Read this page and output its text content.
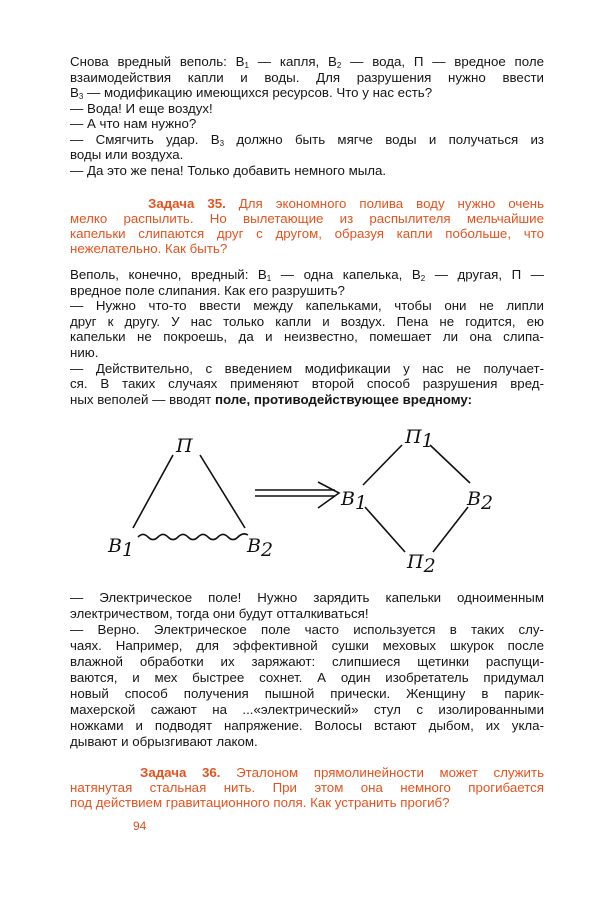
Снова вредный веполь: $В_1$ — капля, $В_2$ — вода, П — вредное поле
взаимодействия капли и воды. Для разрушения нужно ввести
$В_3$ — модификацию имеющихся ресурсов. Что у нас есть?
— Вода! И еще воздух!
— А что нам нужно?
— Смягчить удар. $В_3$ должно быть мягче воды и получаться из
воды или воздуха.
— Да это же пена! Только добавить немного мыла.
Задача 35. Для экономного полива воду нужно очень
мелко распылить. Но вылетающие из распылителя мельчайшие
капельки слипаются друг с другом, образуя капли побольше, что
нежелательно. Как быть?
Веполь, конечно, вредный: $В_1$ — одна капелька, $В_2$ — другая, П —
вредное поле слипания. Как его разрушить?
— Нужно что-то ввести между капельками, чтобы они не липли
друг к другу. У нас только капли и воздух. Пена не годится, ею
капельки не покроешь, да и неизвестно, помешает ли она слипа-
нию.
— Действительно, с введением модификации у нас не получает-
ся. В таких случаях применяют второй способ разрушения вред-
ных веполей — вводят поле, противодействующее вредному:
— Электрическое поле! Нужно зарядить капельки одноименным
электричеством, тогда они будут отталкиваться!
— Верно. Электрическое поле часто используется в таких слу-
чаях. Например, для эффективной сушки меховых шкурок после
влажной обработки их заряжают: слипшиеся щетинки распущи-
ваются, и мех быстрее сохнет. А один изобретатель придумал
новый способ получения пышной прически. Женщину в парик-
махерской сажают на ...«электрический» стул с изолированными
ножками и подводят напряжение. Волосы встают дыбом, их укла-
дывают и обрызгивают лаком.
Задача 36. Эталоном прямолинейности может служить
натянутая стальная нить. При этом она немного прогибается
под действием гравитационного поля. Как устранить прогиб?
П
В1	В2
П1
П2
В1	В2
94
